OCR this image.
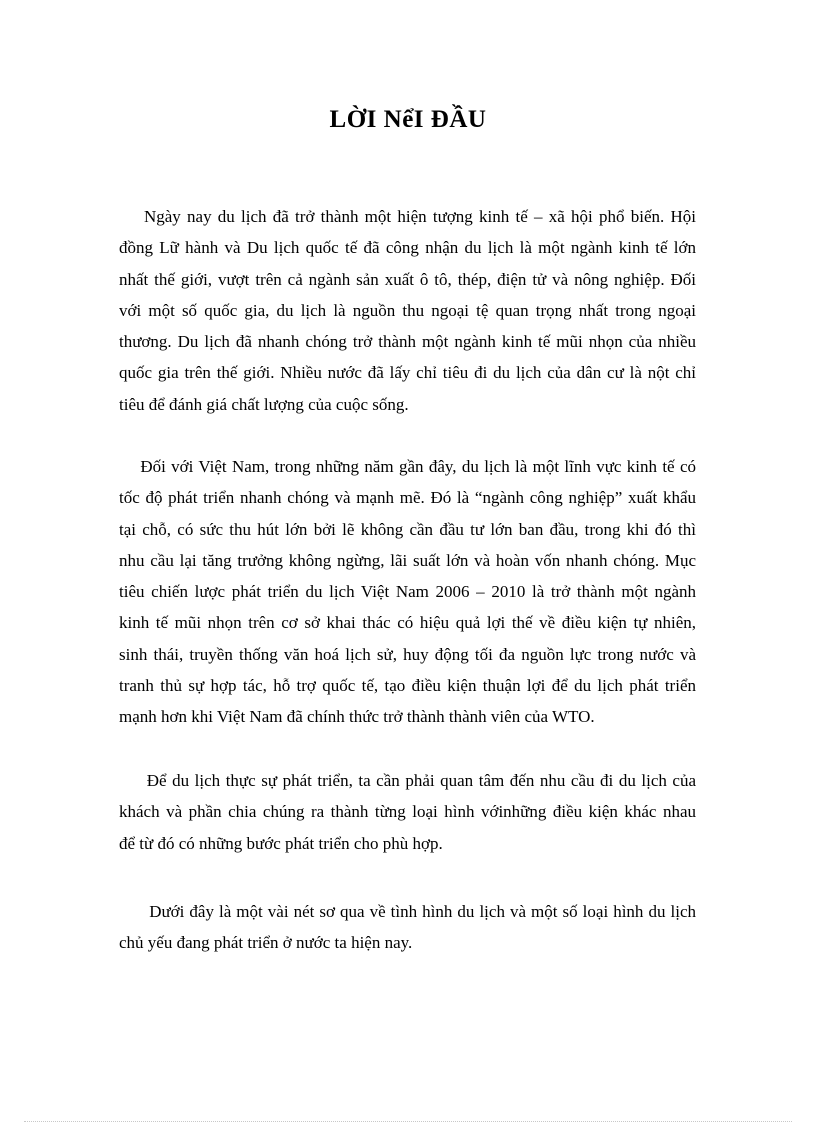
LỜI NểI ĐẦU
Ngày nay du lịch đã trở thành một hiện tượng kinh tế – xã hội phổ biến. Hội
đồng Lữ hành và Du lịch quốc tế đã công nhận du lịch là một ngành kinh tế lớn
nhất thế giới, vượt trên cả ngành sản xuất ô tô, thép, điện tử và nông nghiệp. Đối
với một số quốc gia, du lịch là nguồn thu ngoại tệ quan trọng nhất trong ngoại
thương. Du lịch đã nhanh chóng trở thành một ngành kinh tế mũi nhọn của nhiều
quốc gia trên thế giới. Nhiều nước đã lấy chỉ tiêu đi du lịch của dân cư là nột chỉ
tiêu để đánh giá chất lượng của cuộc sống.
Đối với Việt Nam, trong những năm gần đây, du lịch là một lĩnh vực kinh tế có
tốc độ phát triển nhanh chóng và mạnh mẽ. Đó là “ngành công nghiệp” xuất khẩu
tại chỗ, có sức thu hút lớn bởi lẽ không cần đầu tư lớn ban đầu, trong khi đó thì
nhu cầu lại tăng trưởng không ngừng, lãi suất lớn và hoàn vốn nhanh chóng. Mục
tiêu chiến lược phát triển du lịch Việt Nam 2006 – 2010 là trở thành một ngành
kinh tế mũi nhọn trên cơ sở khai thác có hiệu quả lợi thế về điều kiện tự nhiên,
sinh thái, truyền thống văn hoá lịch sử, huy động tối đa nguồn lực trong nước và
tranh thủ sự hợp tác, hỗ trợ quốc tế, tạo điều kiện thuận lợi để du lịch phát triển
mạnh hơn khi Việt Nam đã chính thức trở thành thành viên của WTO.
Để du lịch thực sự phát triển, ta cần phải quan tâm đến nhu cầu đi du lịch của
khách và phần chia chúng ra thành từng loại hình vớinhững điều kiện khác nhau
để từ đó có những bước phát triển cho phù hợp.
Dưới đây là một vài nét sơ qua về tình hình du lịch và một số loại hình du lịch
chủ yếu đang phát triển ở nước ta hiện nay.
